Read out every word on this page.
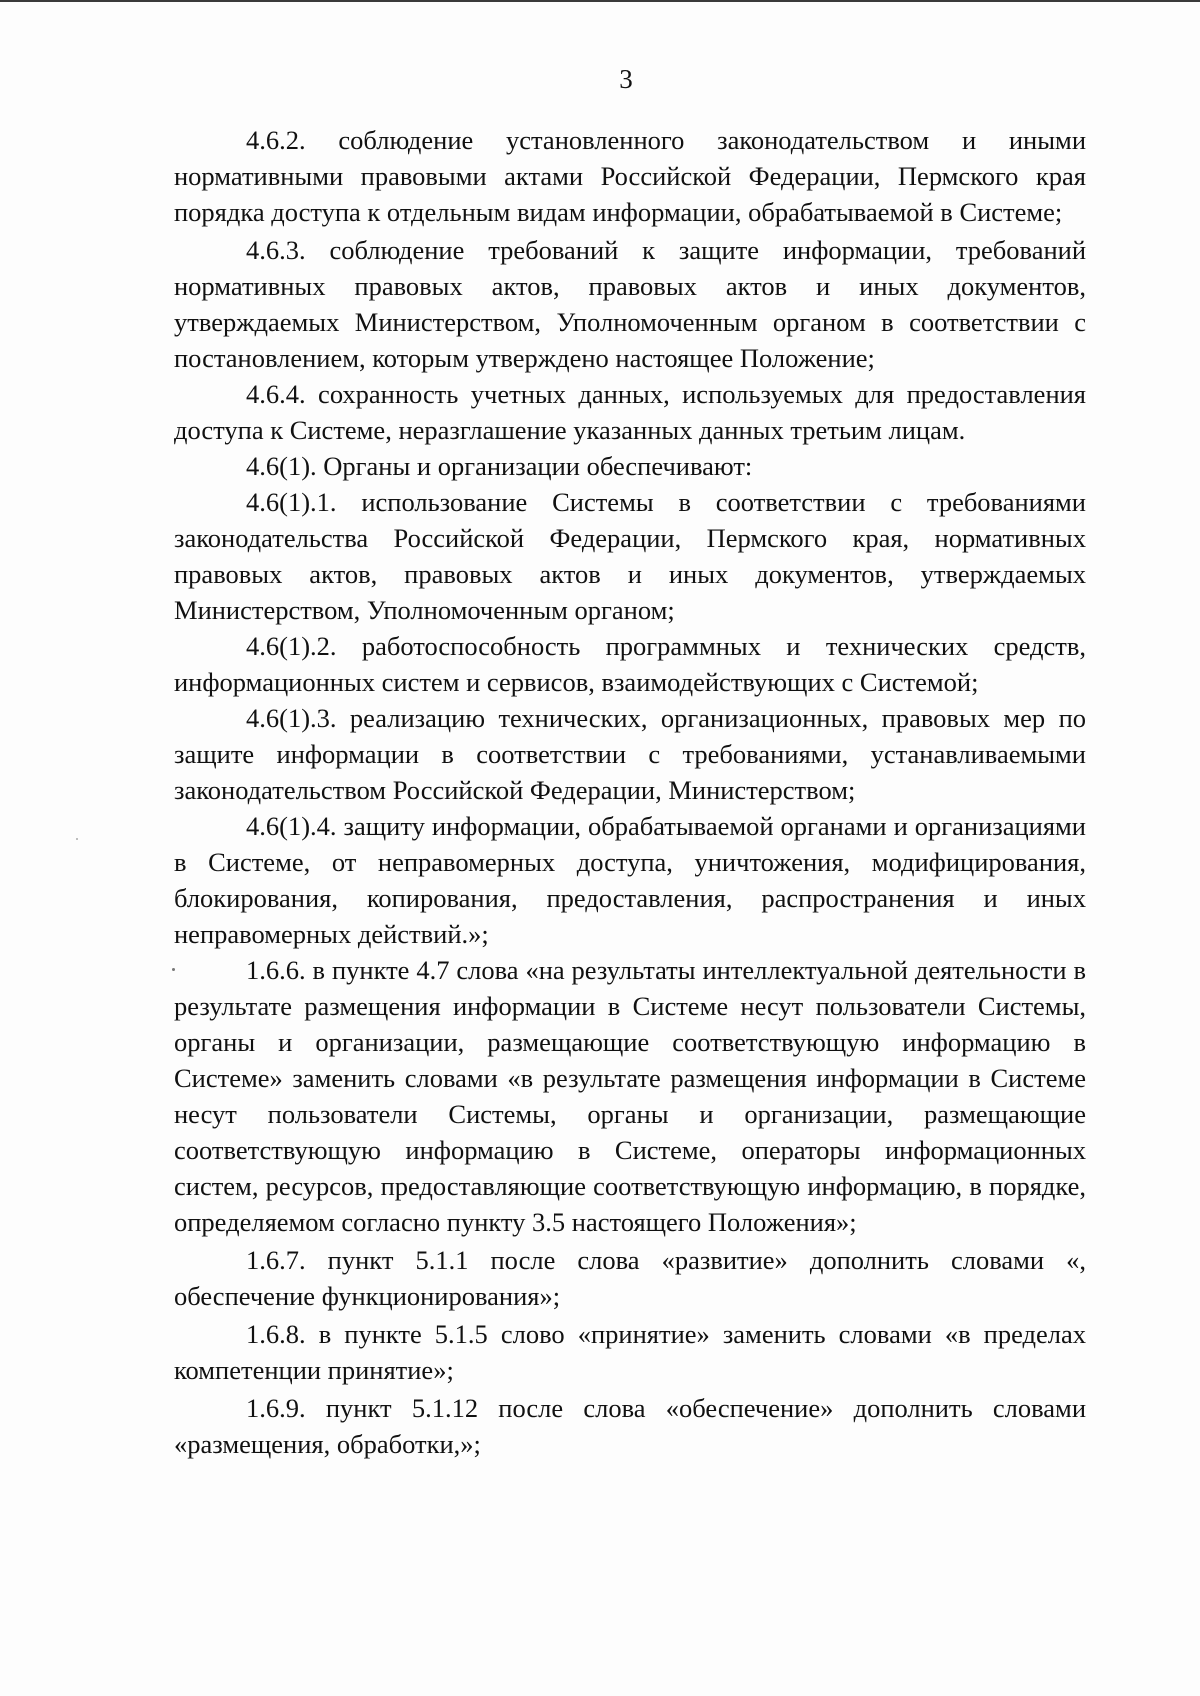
3

4.6.2. соблюдение установленного законодательством и иными нормативными правовыми актами Российской Федерации, Пермского края порядка доступа к отдельным видам информации, обрабатываемой в Системе;

4.6.3. соблюдение требований к защите информации, требований нормативных правовых актов, правовых актов и иных документов, утверждаемых Министерством, Уполномоченным органом в соответствии с постановлением, которым утверждено настоящее Положение;

4.6.4. сохранность учетных данных, используемых для предоставления доступа к Системе, неразглашение указанных данных третьим лицам.

4.6(1). Органы и организации обеспечивают:

4.6(1).1. использование Системы в соответствии с требованиями законодательства Российской Федерации, Пермского края, нормативных правовых актов, правовых актов и иных документов, утверждаемых Министерством, Уполномоченным органом;

4.6(1).2. работоспособность программных и технических средств, информационных систем и сервисов, взаимодействующих с Системой;

4.6(1).3. реализацию технических, организационных, правовых мер по защите информации в соответствии с требованиями, устанавливаемыми законодательством Российской Федерации, Министерством;

4.6(1).4. защиту информации, обрабатываемой органами и организациями в Системе, от неправомерных доступа, уничтожения, модифицирования, блокирования, копирования, предоставления, распространения и иных неправомерных действий.»;

1.6.6. в пункте 4.7 слова «на результаты интеллектуальной деятельности в результате размещения информации в Системе несут пользователи Системы, органы и организации, размещающие соответствующую информацию в Системе» заменить словами «в результате размещения информации в Системе несут пользователи Системы, органы и организации, размещающие соответствующую информацию в Системе, операторы информационных систем, ресурсов, предоставляющие соответствующую информацию, в порядке, определяемом согласно пункту 3.5 настоящего Положения»;

1.6.7. пункт 5.1.1 после слова «развитие» дополнить словами «, обеспечение функционирования»;

1.6.8. в пункте 5.1.5 слово «принятие» заменить словами «в пределах компетенции принятие»;

1.6.9. пункт 5.1.12 после слова «обеспечение» дополнить словами «размещения, обработки,»;
